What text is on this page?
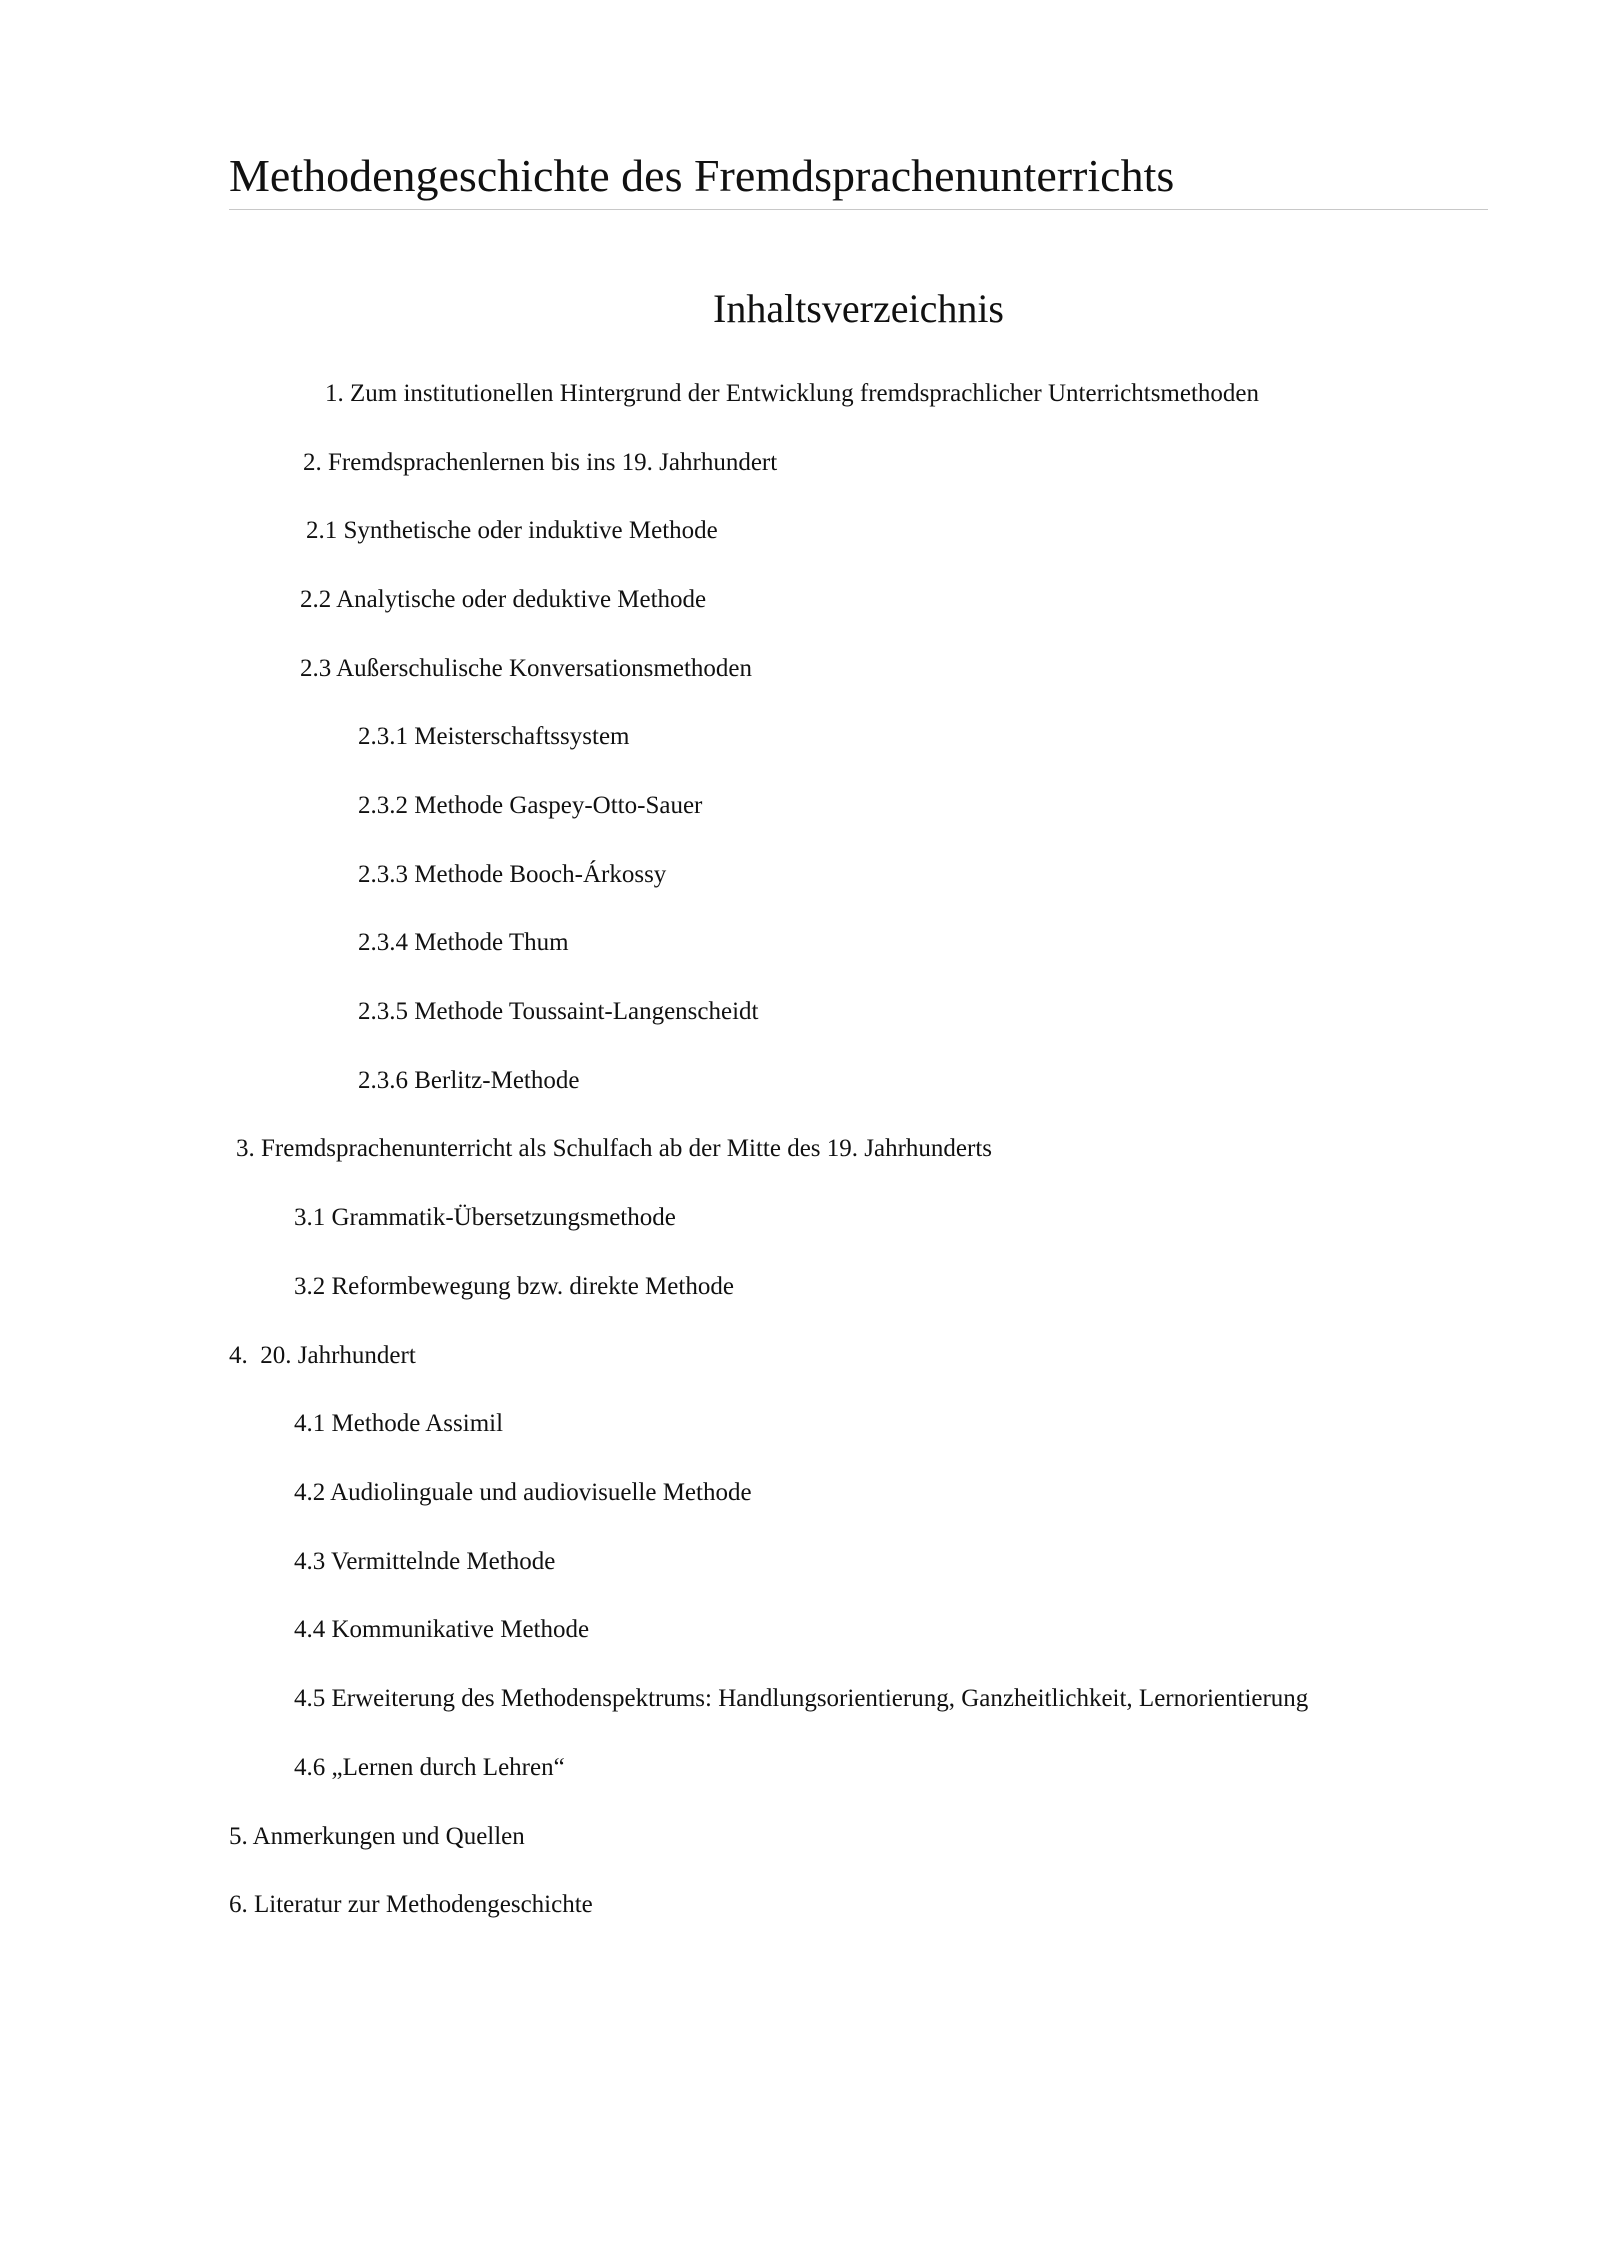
Methodengeschichte des Fremdsprachenunterrichts
Inhaltsverzeichnis
1. Zum institutionellen Hintergrund der Entwicklung fremdsprachlicher Unterrichtsmethoden
2. Fremdsprachenlernen bis ins 19. Jahrhundert
2.1 Synthetische oder induktive Methode
2.2 Analytische oder deduktive Methode
2.3 Außerschulische Konversationsmethoden
2.3.1 Meisterschaftssystem
2.3.2 Methode Gaspey-Otto-Sauer
2.3.3 Methode Booch-Árkossy
2.3.4 Methode Thum
2.3.5 Methode Toussaint-Langenscheidt
2.3.6 Berlitz-Methode
3. Fremdsprachenunterricht als Schulfach ab der Mitte des 19. Jahrhunderts
3.1 Grammatik-Übersetzungsmethode
3.2 Reformbewegung bzw. direkte Methode
4.  20. Jahrhundert
4.1 Methode Assimil
4.2 Audiolinguale und audiovisuelle Methode
4.3 Vermittelnde Methode
4.4 Kommunikative Methode
4.5 Erweiterung des Methodenspektrums: Handlungsorientierung, Ganzheitlichkeit, Lernorientierung
4.6 „Lernen durch Lehren“
5. Anmerkungen und Quellen
6. Literatur zur Methodengeschichte
